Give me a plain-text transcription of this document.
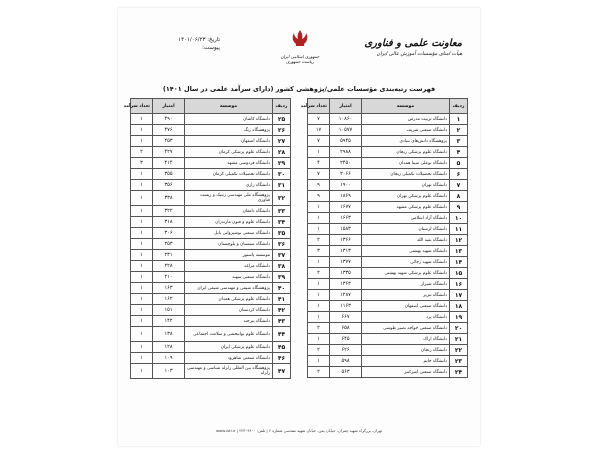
معاونت علمی و فناوری
هیأت امنای مؤسسات آموزش عالی ایران
جمهوری اسلامی ایران
ریاست جمهوری
تاریخ: ۱۴۰۱/۰۶/۲۳
پیوست:
فهرست رتبه‌بندی مؤسسات علمی‌/پژوهشی کشور (دارای سرآمد علمی در سال ۱۴۰۱)
ردیف	موسسه	امتیاز	تعداد سرآمد
۱	دانشگاه تربیت مدرس	۱۰۸۶۰	۷
۲	دانشگاه صنعتی شریف	۱۰۵۷۷	۱۷
۳	پژوهشگاه دانش‌های بنیادی	۵۹۴۵	۷
۴	دانشگاه علوم پزشکی زنجان	۲۹۸۸	۱
۵	دانشگاه بوعلی سینا همدان	۲۴۵۰	۴
۶	دانشگاه تحصیلات تکمیلی زنجان	۲۰۶۶	۷
۷	دانشگاه تهران	۱۹۰۰	۹
۸	دانشگاه علوم پزشکی تهران	۱۸۶۹	۹
۹	دانشگاه علوم پزشکی مشهد	۱۶۷۷	۱
۱۰	دانشگاه آزاد اسلامی	۱۶۶۳	۱
۱۱	دانشگاه لرستان	۱۵۸۳	۱
۱۲	دانشگاه بقیه الله	۱۳۶۶	۲
۱۳	دانشگاه شهید بهشتی	۱۳۱۳	۳
۱۴	دانشگاه شهید رجائی	۱۳۷۷	۱
۱۵	دانشگاه علوم پزشکی شهید بهشتی	۱۳۳۵	۲
۱۶	دانشگاه شیراز	۱۳۶۳	۱
۱۷	دانشگاه تبریز	۱۲۸۷	۱
۱۸	دانشگاه صنعتی اصفهان	۱۱۶۳	۱
۱۹	دانشگاه یزد	۶۶۷	۱
۲۰	دانشگاه صنعتی خواجه نصیر طوسی	۶۵۸	۲
۲۱	دانشگاه اراک	۶۴۵	۱
۲۲	دانشگاه زنجان	۶۲۶	۲
۲۳	دانشگاه خاتم	۵۹۸	۱
۲۴	دانشگاه صنعتی امیرکبیر	۵۶۳	۲
ردیف	موسسه	امتیاز	تعداد سرآمد
۲۵	دانشگاه کاشان	۴۹۰	۱
۲۶	پژوهشگاه رنگ	۴۷۶	۱
۲۷	دانشگاه اصفهان	۴۵۳	۱
۲۸	دانشگاه علوم پزشکی کرمان	۴۲۷	۲
۲۹	دانشگاه فردوسی مشهد	۴۱۴	۳
۳۰	دانشگاه تحصیلات تکمیلی کرمان	۳۵۵	۱
۳۱	دانشگاه رازی	۳۵۶	۱
۳۲	پژوهشگاه ملی مهندسی ژنتیک و زیست فناوری	۳۳۸	۱
۳۳	دانشگاه دامغان	۳۲۲	۱
۳۴	دانشگاه علوم و فنون مازندران	۳۱۸	۱
۳۵	دانشگاه صنعتی نوشیروانی بابل	۳۰۶	۱
۳۶	دانشگاه سیستان و بلوچستان	۲۵۳	۱
۳۷	موسسه پاستور	۲۳۱	۱
۳۸	دانشگاه مراغه	۲۲۸	۱
۳۹	دانشگاه صنعتی سهند	۲۱۰	۱
۴۰	پژوهشگاه شیمی و مهندسی شیمی ایران	۱۶۳	۱
۴۱	دانشگاه علوم پزشکی همدان	۱۶۲	۱
۴۲	دانشگاه کردستان	۱۵۱	۱
۴۳	دانشگاه بیرجند	۱۴۲	۱
۴۴	دانشگاه علوم توانبخشی و سلامت اجتماعی	۱۳۸	۱
۴۵	دانشگاه علوم پزشکی ایران	۱۲۸	۱
۴۶	دانشگاه صنعتی شاهرود	۱۰۹	۱
۴۷	پژوهشگاه بین المللی زلزله شناسی و مهندسی زلزله	۱۰۳	۱
تهران، بزرگراه شهید چمران، خیابان یمن، خیابان شهید مقدسی شماره ۶ | تلفن: ۲۲۳۰۹۶۰۰ | www.isti.ir
